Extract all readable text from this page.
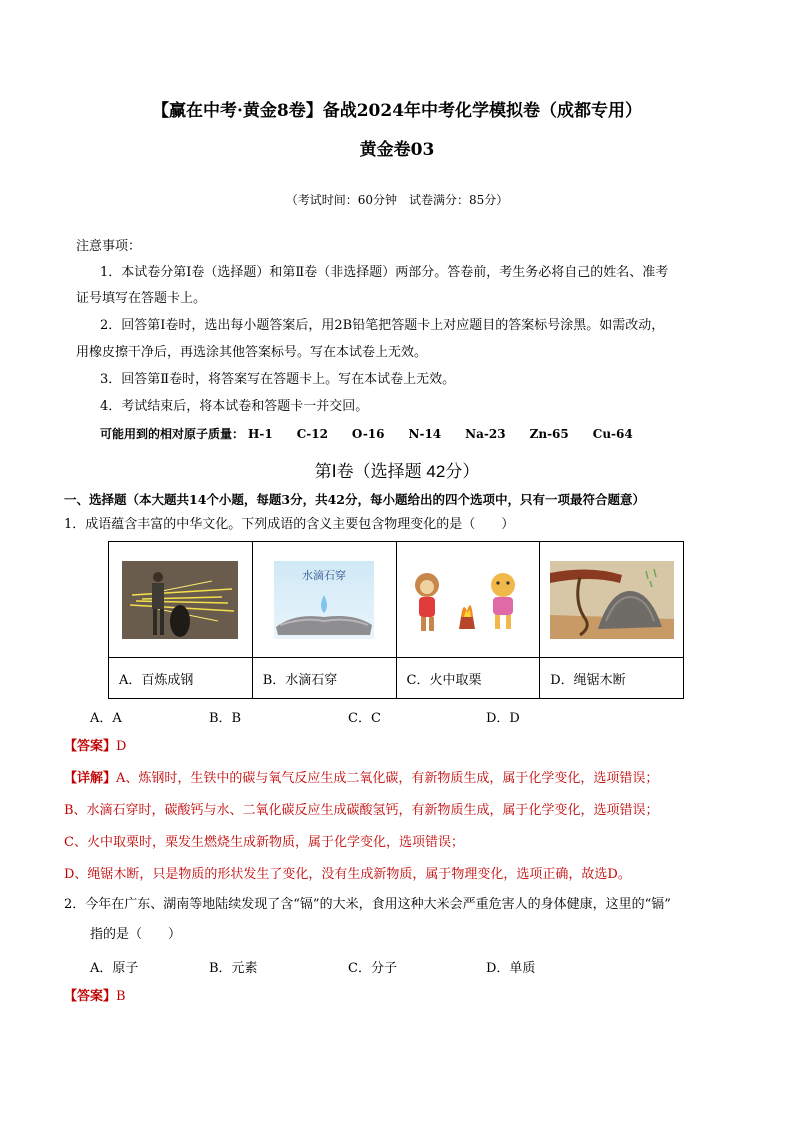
【赢在中考·黄金8卷】备战2024年中考化学模拟卷（成都专用）
黄金卷03
（考试时间：60分钟　试卷满分：85分）
注意事项：
1．本试卷分第Ⅰ卷（选择题）和第Ⅱ卷（非选择题）两部分。答卷前，考生务必将自己的姓名、准考
证号填写在答题卡上。
2．回答第Ⅰ卷时，选出每小题答案后，用2B铅笔把答题卡上对应题目的答案标号涂黑。如需改动，
用橡皮擦干净后，再选涂其他答案标号。写在本试卷上无效。
3．回答第Ⅱ卷时，将答案写在答题卡上。写在本试卷上无效。
4．考试结束后，将本试卷和答题卡一并交回。
可能用到的相对原子质量： H-1 C-12 O-16 N-14 Na-23 Zn-65 Cu-64
第Ⅰ卷（选择题 42分）
一、选择题（本大题共14个小题，每题3分，共42分，每小题给出的四个选项中，只有一项最符合题意）
1．成语蕴含丰富的中华文化。下列成语的含义主要包含物理变化的是（　　）

水滴石穿

A．百炼成钢	B．水滴石穿	C．火中取栗	D．绳锯木断
A．A	B．B	C．C	D．D
【答案】D
【详解】A、炼钢时，生铁中的碳与氧气反应生成二氧化碳，有新物质生成，属于化学变化，选项错误；
B、水滴石穿时，碳酸钙与水、二氧化碳反应生成碳酸氢钙，有新物质生成，属于化学变化，选项错误；
C、火中取栗时，栗发生燃烧生成新物质，属于化学变化，选项错误；
D、绳锯木断，只是物质的形状发生了变化，没有生成新物质，属于物理变化，选项正确，故选D。
2．今年在广东、湖南等地陆续发现了含“镉”的大米，食用这种大米会严重危害人的身体健康，这里的“镉”
指的是（　　）
A．原子	B．元素	C．分子	D．单质
【答案】B
